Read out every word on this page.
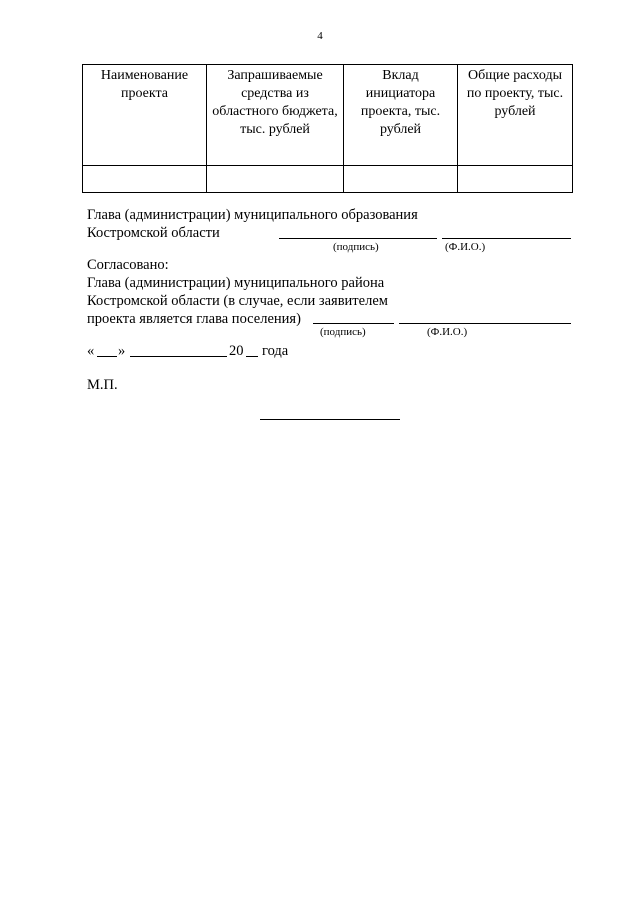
4
Наименование проекта	Запрашиваемые средства из областного бюджета, тыс. рублей	Вклад инициатора проекта, тыс. рублей	Общие расходы по проекту, тыс. рублей

Глава (администрации) муниципального образования
Костромской области
(подпись)	(Ф.И.О.)
Согласовано:
Глава (администрации) муниципального района
Костромской области (в случае, если заявителем
проекта является глава поселения)
(подпись)	(Ф.И.О.)
« »	20 года
М.П.
